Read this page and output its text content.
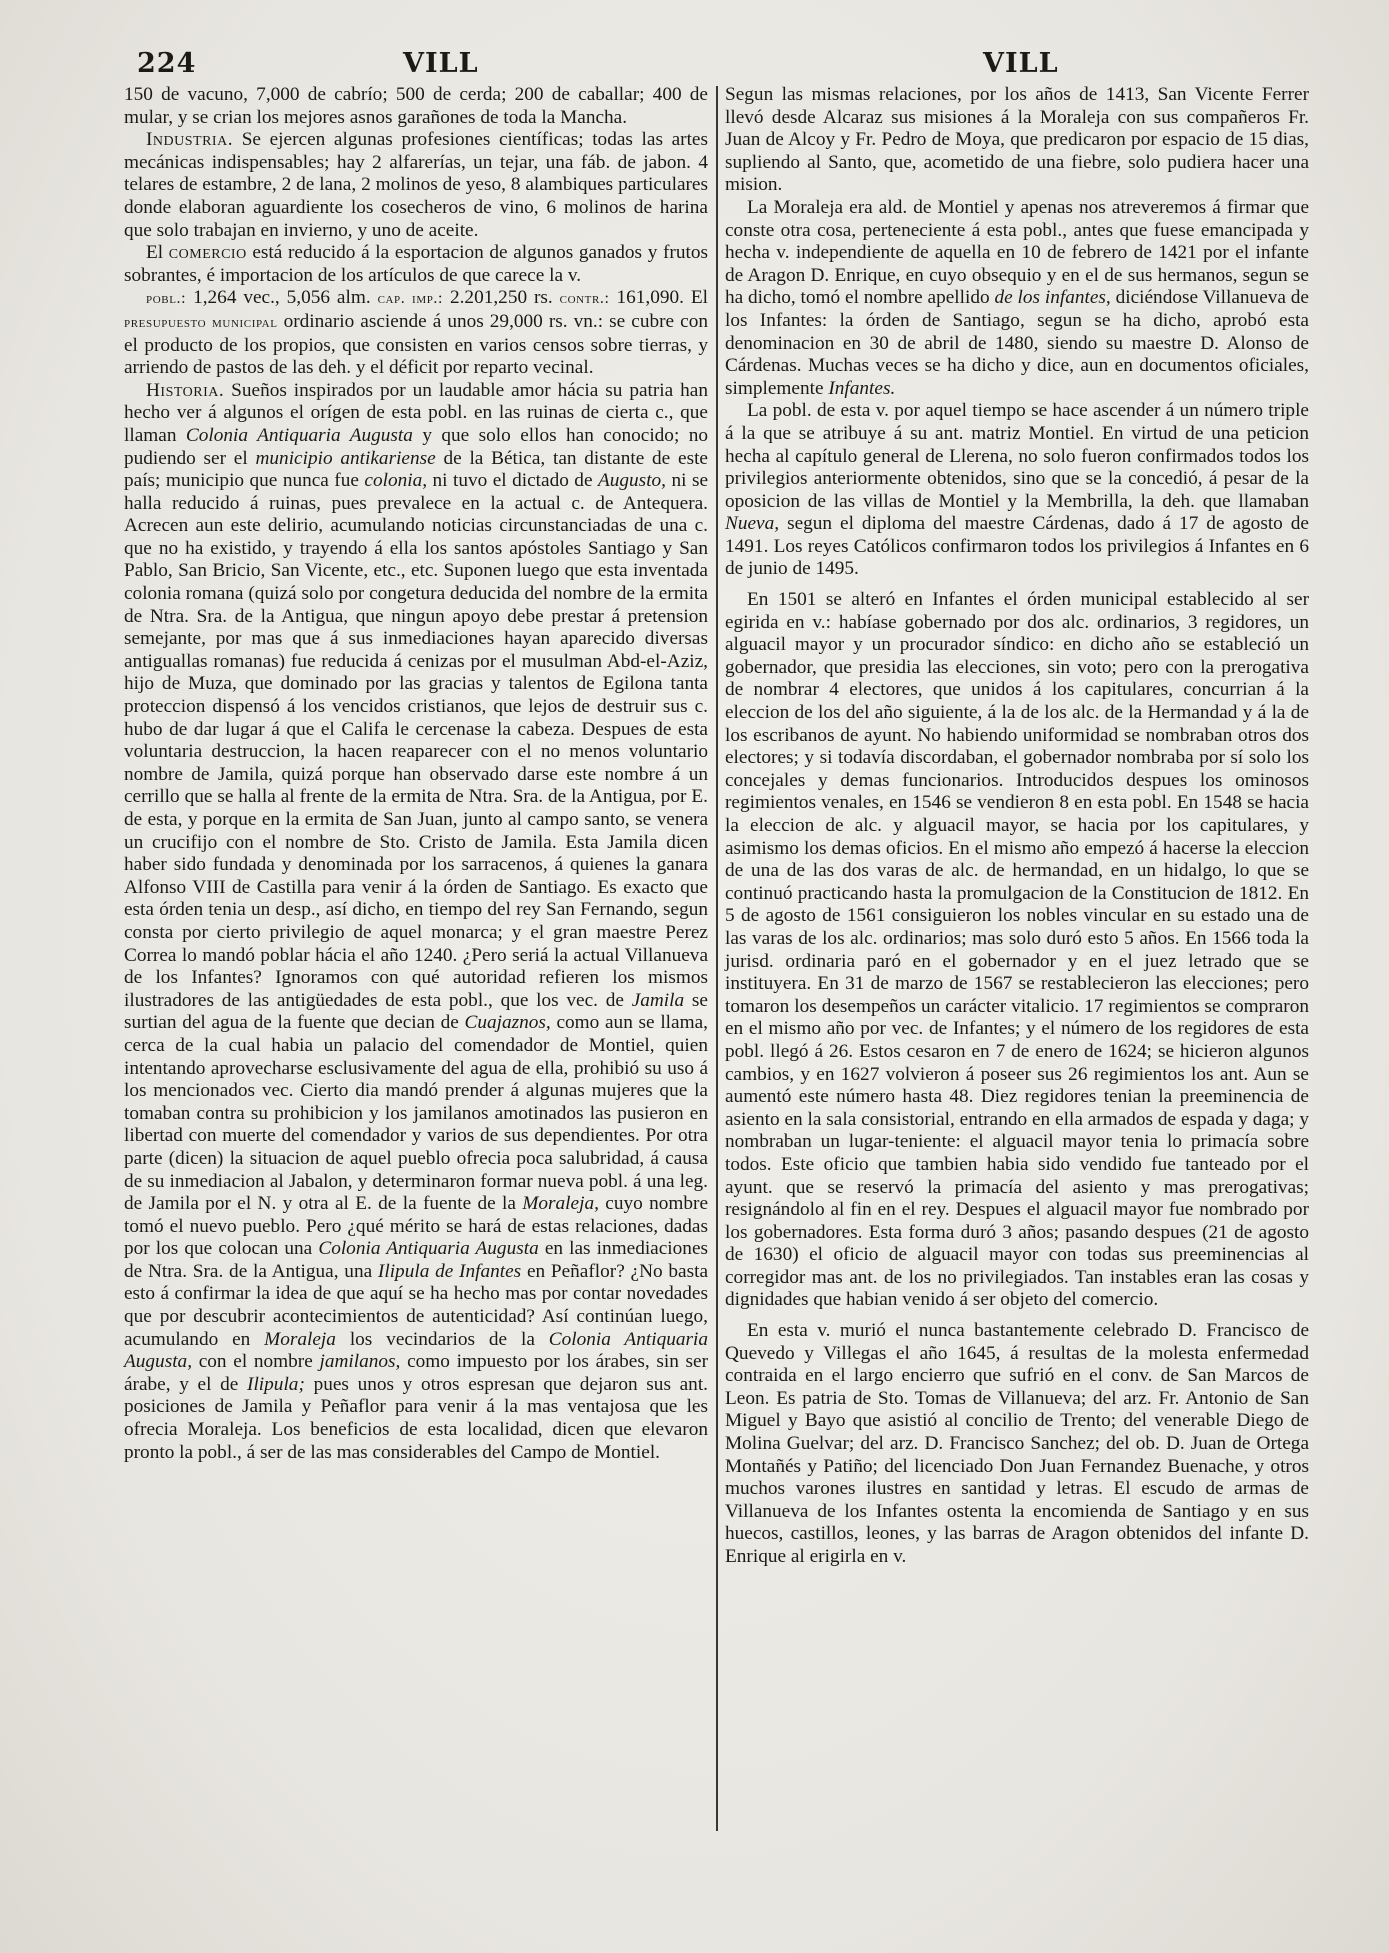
224	VILL	VILL

150 de vacuno, 7,000 de cabrío; 500 de cerda; 200 de caballar; 400 de mular, y se crian los mejores asnos garañones de toda la Mancha.

Industria. Se ejercen algunas profesiones científicas; todas las artes mecánicas indispensables; hay 2 alfarerías, un tejar, una fáb. de jabon. 4 telares de estambre, 2 de lana, 2 molinos de yeso, 8 alambiques particulares donde elaboran aguardiente los cosecheros de vino, 6 molinos de harina que solo trabajan en invierno, y uno de aceite.

El comercio está reducido á la esportacion de algunos ganados y frutos sobrantes, é importacion de los artículos de que carece la v.

pobl.: 1,264 vec., 5,056 alm. cap. imp.: 2.201,250 rs. contr.: 161,090. El presupuesto municipal ordinario asciende á unos 29,000 rs. vn.: se cubre con el producto de los propios, que consisten en varios censos sobre tierras, y arriendo de pastos de las deh. y el déficit por reparto vecinal.

Historia. Sueños inspirados por un laudable amor hácia su patria han hecho ver á algunos el orígen de esta pobl. en las ruinas de cierta c., que llaman Colonia Antiquaria Augusta y que solo ellos han conocido; no pudiendo ser el municipio antikariense de la Bética, tan distante de este país; municipio que nunca fue colonia, ni tuvo el dictado de Augusto, ni se halla reducido á ruinas, pues prevalece en la actual c. de Antequera. Acrecen aun este delirio, acumulando noticias circunstanciadas de una c. que no ha existido, y trayendo á ella los santos apóstoles Santiago y San Pablo, San Bricio, San Vicente, etc., etc. Suponen luego que esta inventada colonia romana (quizá solo por congetura deducida del nombre de la ermita de Ntra. Sra. de la Antigua, que ningun apoyo debe prestar á pretension semejante, por mas que á sus inmediaciones hayan aparecido diversas antiguallas romanas) fue reducida á cenizas por el musulman Abd-el-Aziz, hijo de Muza, que dominado por las gracias y talentos de Egilona tanta proteccion dispensó á los vencidos cristianos, que lejos de destruir sus c. hubo de dar lugar á que el Califa le cercenase la cabeza. Despues de esta voluntaria destruccion, la hacen reaparecer con el no menos voluntario nombre de Jamila, quizá porque han observado darse este nombre á un cerrillo que se halla al frente de la ermita de Ntra. Sra. de la Antigua, por E. de esta, y porque en la ermita de San Juan, junto al campo santo, se venera un crucifijo con el nombre de Sto. Cristo de Jamila. Esta Jamila dicen haber sido fundada y denominada por los sarracenos, á quienes la ganara Alfonso VIII de Castilla para venir á la órden de Santiago. Es exacto que esta órden tenia un desp., así dicho, en tiempo del rey San Fernando, segun consta por cierto privilegio de aquel monarca; y el gran maestre Perez Correa lo mandó poblar hácia el año 1240. ¿Pero seriá la actual Villanueva de los Infantes? Ignoramos con qué autoridad refieren los mismos ilustradores de las antigüedades de esta pobl., que los vec. de Jamila se surtian del agua de la fuente que decian de Cuajaznos, como aun se llama, cerca de la cual habia un palacio del comendador de Montiel, quien intentando aprovecharse esclusivamente del agua de ella, prohibió su uso á los mencionados vec. Cierto dia mandó prender á algunas mujeres que la tomaban contra su prohibicion y los jamilanos amotinados las pusieron en libertad con muerte del comendador y varios de sus dependientes. Por otra parte (dicen) la situacion de aquel pueblo ofrecia poca salubridad, á causa de su inmediacion al Jabalon, y determinaron formar nueva pobl. á una leg. de Jamila por el N. y otra al E. de la fuente de la Moraleja, cuyo nombre tomó el nuevo pueblo. Pero ¿qué mérito se hará de estas relaciones, dadas por los que colocan una Colonia Antiquaria Augusta en las inmediaciones de Ntra. Sra. de la Antigua, una Ilipula de Infantes en Peñaflor? ¿No basta esto á confirmar la idea de que aquí se ha hecho mas por contar novedades que por descubrir acontecimientos de autenticidad? Así continúan luego, acumulando en Moraleja los vecindarios de la Colonia Antiquaria Augusta, con el nombre jamilanos, como impuesto por los árabes, sin ser árabe, y el de Ilipula; pues unos y otros espresan que dejaron sus ant. posiciones de Jamila y Peñaflor para venir á la mas ventajosa que les ofrecia Moraleja. Los beneficios de esta localidad, dicen que elevaron pronto la pobl., á ser de las mas considerables del Campo de Montiel.

Segun las mismas relaciones, por los años de 1413, San Vicente Ferrer llevó desde Alcaraz sus misiones á la Moraleja con sus compañeros Fr. Juan de Alcoy y Fr. Pedro de Moya, que predicaron por espacio de 15 dias, supliendo al Santo, que, acometido de una fiebre, solo pudiera hacer una mision.

La Moraleja era ald. de Montiel y apenas nos atreveremos á firmar que conste otra cosa, perteneciente á esta pobl., antes que fuese emancipada y hecha v. independiente de aquella en 10 de febrero de 1421 por el infante de Aragon D. Enrique, en cuyo obsequio y en el de sus hermanos, segun se ha dicho, tomó el nombre apellido de los infantes, diciéndose Villanueva de los Infantes: la órden de Santiago, segun se ha dicho, aprobó esta denominacion en 30 de abril de 1480, siendo su maestre D. Alonso de Cárdenas. Muchas veces se ha dicho y dice, aun en documentos oficiales, simplemente Infantes.

La pobl. de esta v. por aquel tiempo se hace ascender á un número triple á la que se atribuye á su ant. matriz Montiel. En virtud de una peticion hecha al capítulo general de Llerena, no solo fueron confirmados todos los privilegios anteriormente obtenidos, sino que se la concedió, á pesar de la oposicion de las villas de Montiel y la Membrilla, la deh. que llamaban Nueva, segun el diploma del maestre Cárdenas, dado á 17 de agosto de 1491. Los reyes Católicos confirmaron todos los privilegios á Infantes en 6 de junio de 1495.

En 1501 se alteró en Infantes el órden municipal establecido al ser egirida en v.: habíase gobernado por dos alc. ordinarios, 3 regidores, un alguacil mayor y un procurador síndico: en dicho año se estableció un gobernador, que presidia las elecciones, sin voto; pero con la prerogativa de nombrar 4 electores, que unidos á los capitulares, concurrian á la eleccion de los del año siguiente, á la de los alc. de la Hermandad y á la de los escribanos de ayunt. No habiendo uniformidad se nombraban otros dos electores; y si todavía discordaban, el gobernador nombraba por sí solo los concejales y demas funcionarios. Introducidos despues los ominosos regimientos venales, en 1546 se vendieron 8 en esta pobl. En 1548 se hacia la eleccion de alc. y alguacil mayor, se hacia por los capitulares, y asimismo los demas oficios. En el mismo año empezó á hacerse la eleccion de una de las dos varas de alc. de hermandad, en un hidalgo, lo que se continuó practicando hasta la promulgacion de la Constitucion de 1812. En 5 de agosto de 1561 consiguieron los nobles vincular en su estado una de las varas de los alc. ordinarios; mas solo duró esto 5 años. En 1566 toda la jurisd. ordinaria paró en el gobernador y en el juez letrado que se instituyera. En 31 de marzo de 1567 se restablecieron las elecciones; pero tomaron los desempeños un carácter vitalicio. 17 regimientos se compraron en el mismo año por vec. de Infantes; y el número de los regidores de esta pobl. llegó á 26. Estos cesaron en 7 de enero de 1624; se hicieron algunos cambios, y en 1627 volvieron á poseer sus 26 regimientos los ant. Aun se aumentó este número hasta 48. Diez regidores tenian la preeminencia de asiento en la sala consistorial, entrando en ella armados de espada y daga; y nombraban un lugar-teniente: el alguacil mayor tenia lo primacía sobre todos. Este oficio que tambien habia sido vendido fue tanteado por el ayunt. que se reservó la primacía del asiento y mas prerogativas; resignándolo al fin en el rey. Despues el alguacil mayor fue nombrado por los gobernadores. Esta forma duró 3 años; pasando despues (21 de agosto de 1630) el oficio de alguacil mayor con todas sus preeminencias al corregidor mas ant. de los no privilegiados. Tan instables eran las cosas y dignidades que habian venido á ser objeto del comercio.

En esta v. murió el nunca bastantemente celebrado D. Francisco de Quevedo y Villegas el año 1645, á resultas de la molesta enfermedad contraida en el largo encierro que sufrió en el conv. de San Marcos de Leon. Es patria de Sto. Tomas de Villanueva; del arz. Fr. Antonio de San Miguel y Bayo que asistió al concilio de Trento; del venerable Diego de Molina Guelvar; del arz. D. Francisco Sanchez; del ob. D. Juan de Ortega Montañés y Patiño; del licenciado Don Juan Fernandez Buenache, y otros muchos varones ilustres en santidad y letras. El escudo de armas de Villanueva de los Infantes ostenta la encomienda de Santiago y en sus huecos, castillos, leones, y las barras de Aragon obtenidos del infante D. Enrique al erigirla en v.
